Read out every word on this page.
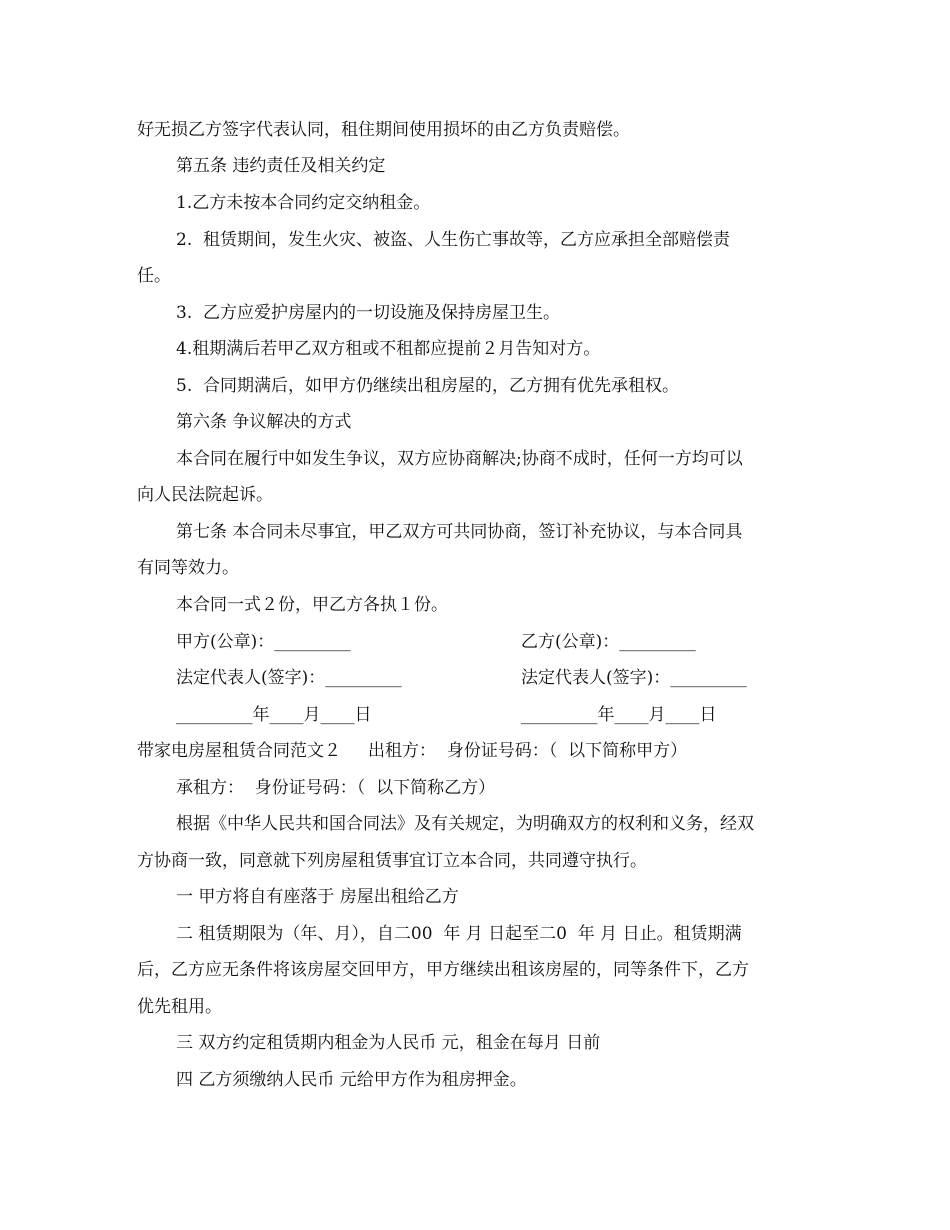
好无损乙方签字代表认同，租住期间使用损坏的由乙方负责赔偿。
第五条 违约责任及相关约定
1.乙方未按本合同约定交纳租金。
2.  租赁期间，发生火灾、被盗、人生伤亡事故等，乙方应承担全部赔偿责
任。
3.  乙方应爱护房屋内的一切设施及保持房屋卫生。
4.租期满后若甲乙双方租或不租都应提前２月告知对方。
5.  合同期满后，如甲方仍继续出租房屋的，乙方拥有优先承租权。
第六条 争议解决的方式
本合同在履行中如发生争议，双方应协商解决;协商不成时，任何一方均可以
向人民法院起诉。
第七条 本合同未尽事宜，甲乙双方可共同协商，签订补充协议，与本合同具
有同等效力。
本合同一式２份，甲乙方各执１份。
甲方(公章)：_________	乙方(公章)：_________
法定代表人(签字)：_________	法定代表人(签字)：_________
_________年____月____日	_________年____月____日
带家电房屋租赁合同范文２     出租方：  身份证号码：（  以下简称甲方）
承租方：  身份证号码：（  以下简称乙方）
根据《中华人民共和国合同法》及有关规定，为明确双方的权利和义务，经双
方协商一致，同意就下列房屋租赁事宜订立本合同，共同遵守执行。
一 甲方将自有座落于 房屋出租给乙方
二 租赁期限为（年、月），自二00  年 月 日起至二0  年 月 日止。租赁期满
后，乙方应无条件将该房屋交回甲方，甲方继续出租该房屋的，同等条件下，乙方
优先租用。
三 双方约定租赁期内租金为人民币 元，租金在每月 日前
四 乙方须缴纳人民币 元给甲方作为租房押金。
